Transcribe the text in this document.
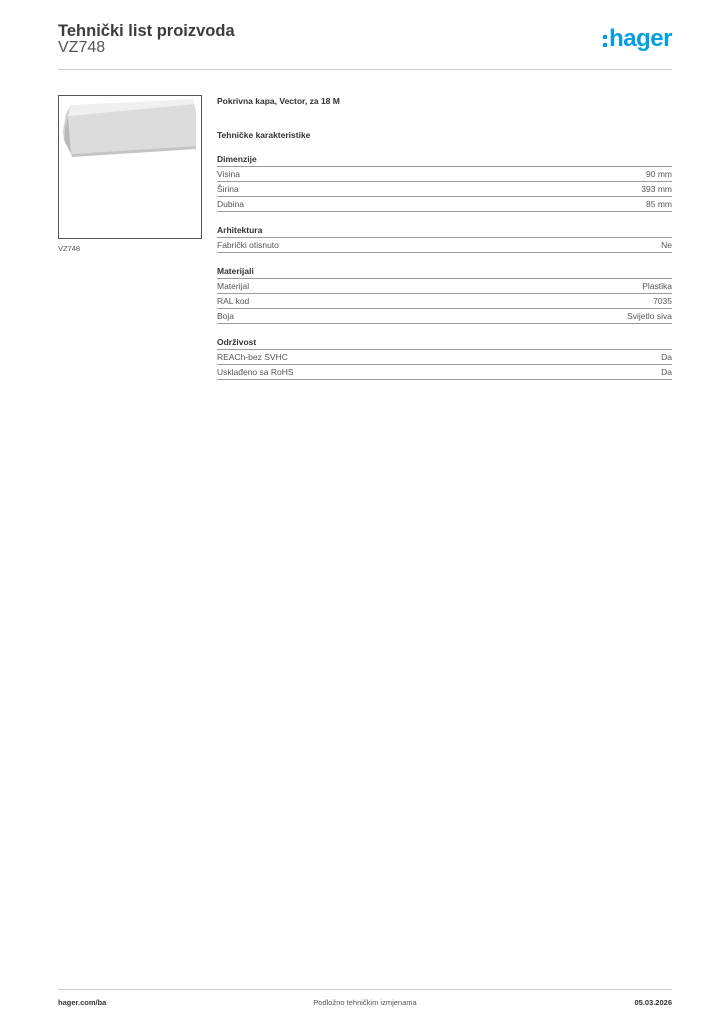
Tehnički list proizvoda
VZ748	hager
VZ748
Pokrivna kapa, Vector, za 18 M
Tehničke karakteristike
Dimenzije
Visina	90 mm
Širina	393 mm
Dubina	85 mm
Arhitektura
Fabrički otisnuto	Ne
Materijali
Materijal	Plastika
RAL kod	7035
Boja	Svijetlo siva
Održivost
REACh-bez SVHC	Da
Usklađeno sa RoHS	Da
hager.com/ba	Podložno tehničkim izmjenama	05.03.2026
